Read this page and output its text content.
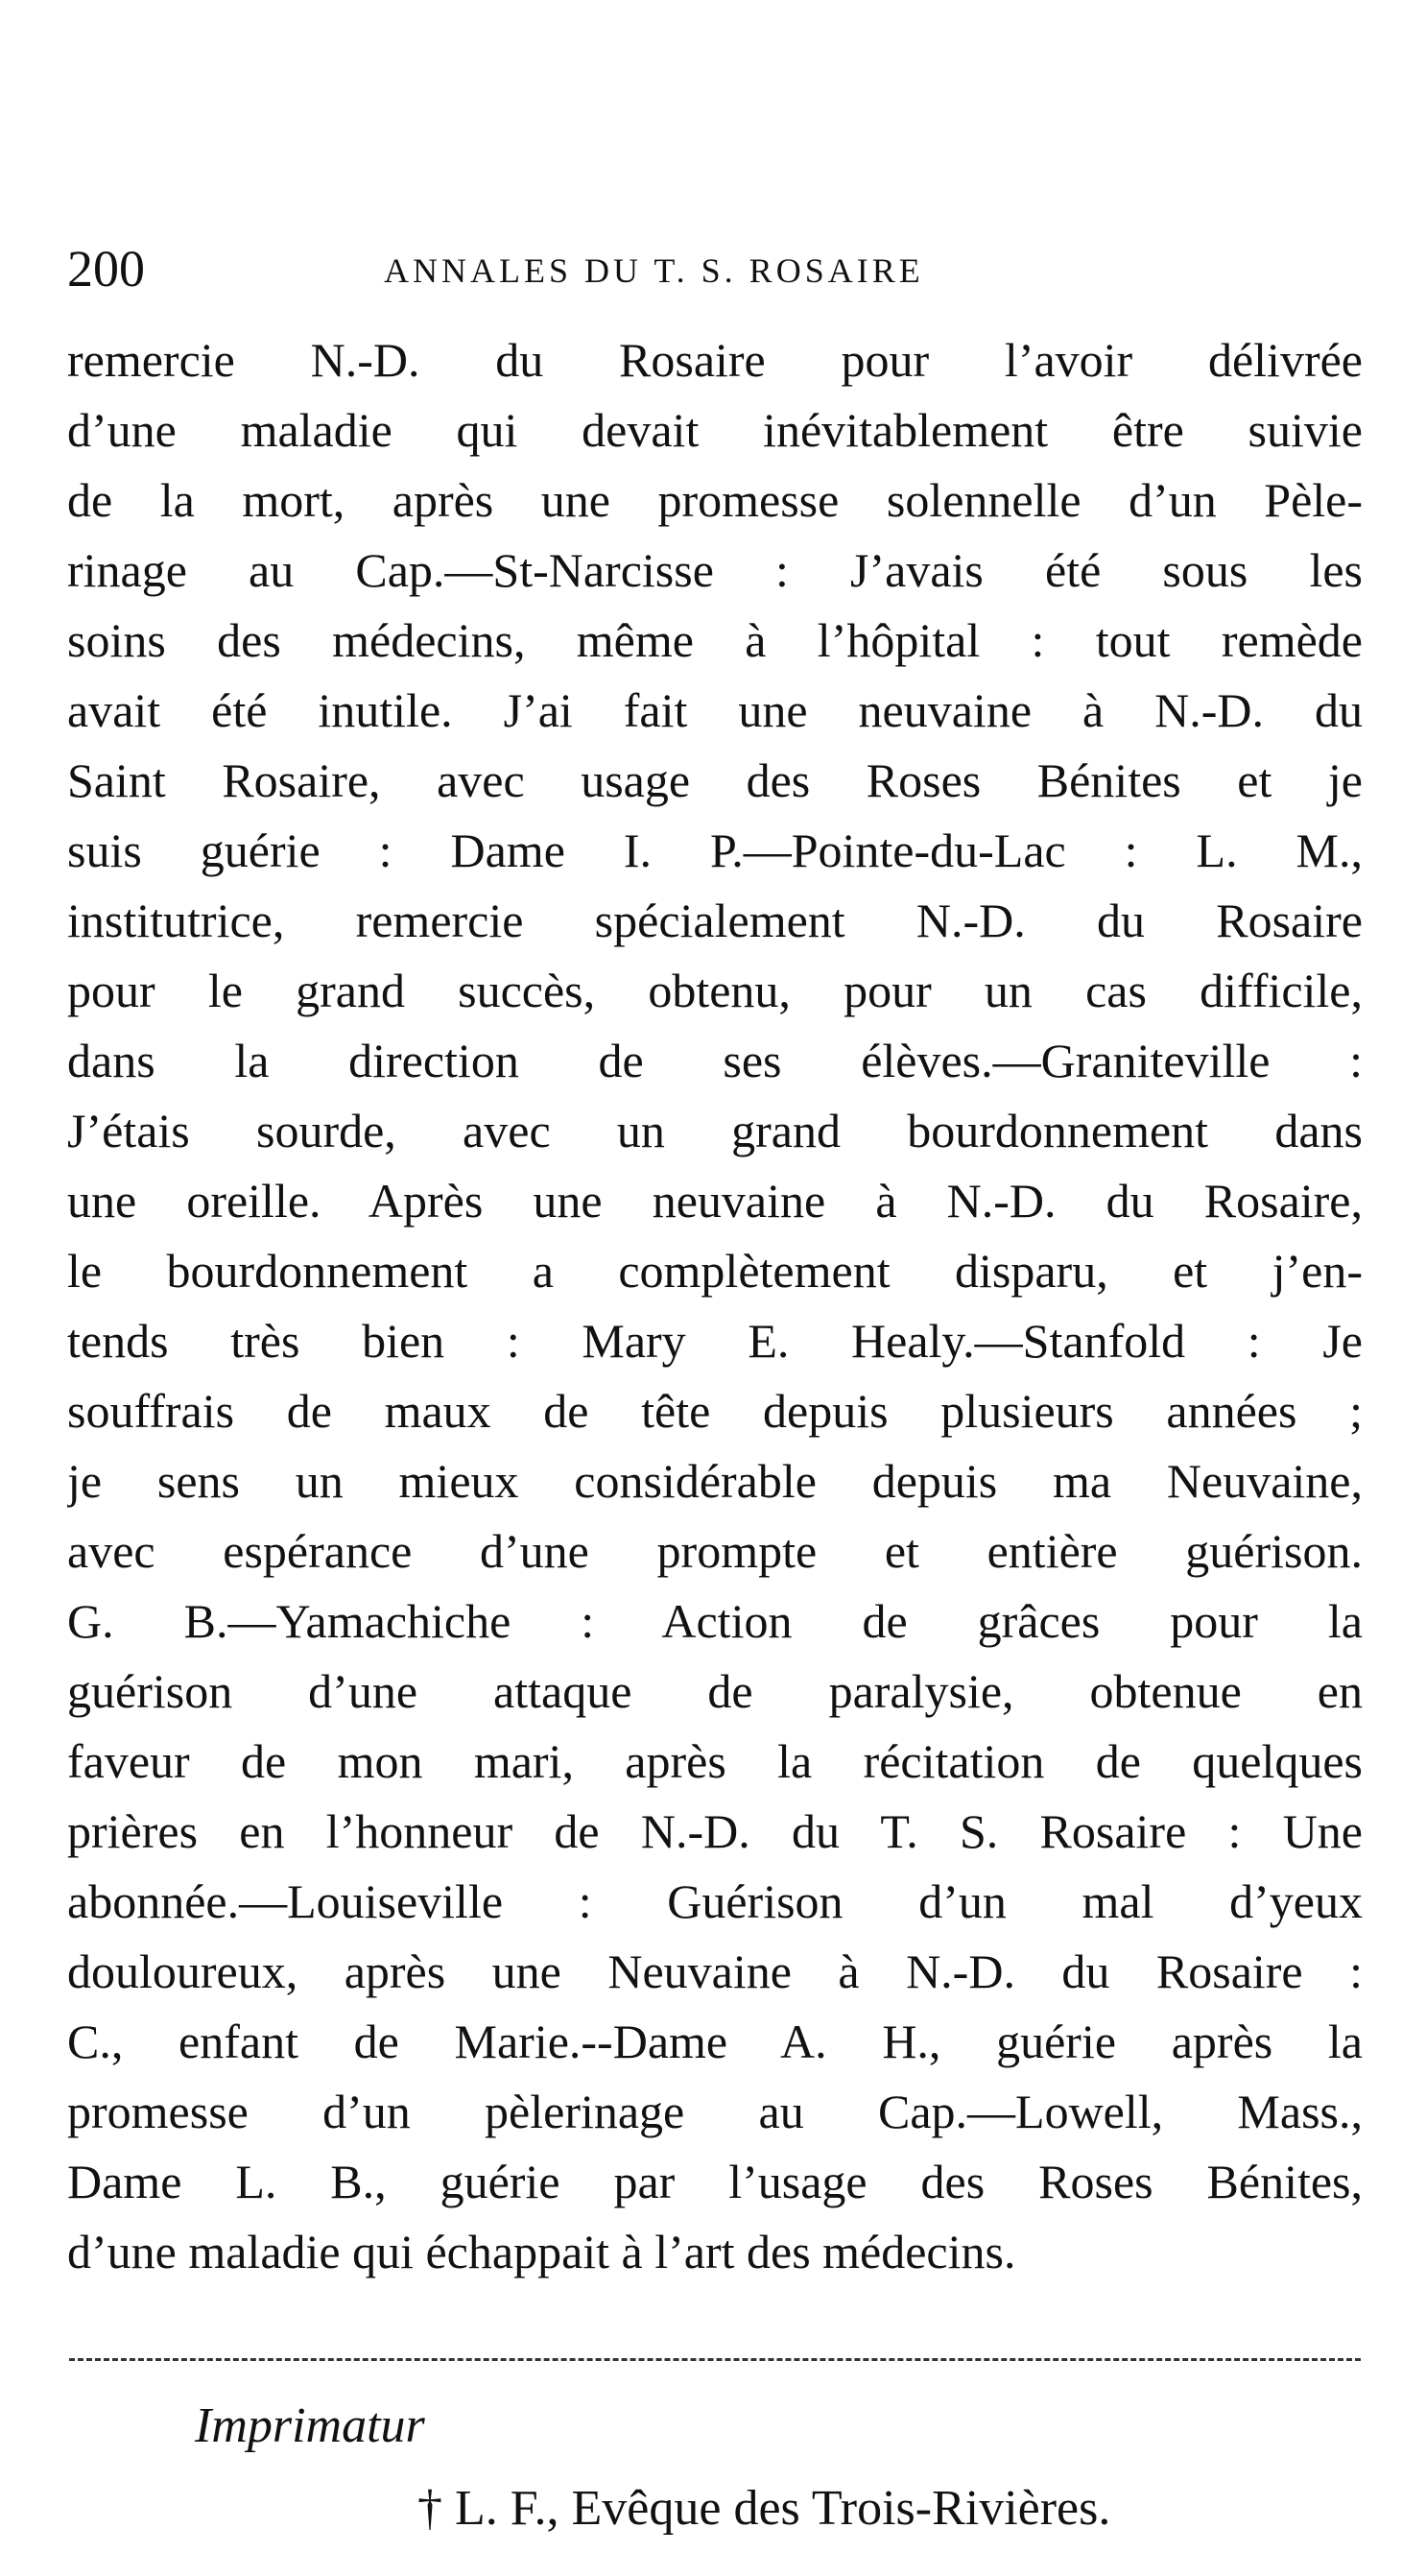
200	ANNALES DU T. S. ROSAIRE
remercie N.-D. du Rosaire pour l’avoir délivrée
d’une maladie qui devait inévitablement être suivie
de la mort, après une promesse solennelle d’un Pèle-
rinage au Cap.—St-Narcisse : J’avais été sous les
soins des médecins, même à l’hôpital : tout remède
avait été inutile. J’ai fait une neuvaine à N.-D. du
Saint Rosaire, avec usage des Roses Bénites et je
suis guérie : Dame I. P.—Pointe-du-Lac : L. M.,
institutrice, remercie spécialement N.-D. du Rosaire
pour le grand succès, obtenu, pour un cas difficile,
dans la direction de ses élèves.—Graniteville :
J’étais sourde, avec un grand bourdonnement dans
une oreille. Après une neuvaine à N.-D. du Rosaire,
le bourdonnement a complètement disparu, et j’en-
tends très bien : Mary E. Healy.—Stanfold : Je
souffrais de maux de tête depuis plusieurs années ;
je sens un mieux considérable depuis ma Neuvaine,
avec espérance d’une prompte et entière guérison.
G. B.—Yamachiche : Action de grâces pour la
guérison d’une attaque de paralysie, obtenue en
faveur de mon mari, après la récitation de quelques
prières en l’honneur de N.-D. du T. S. Rosaire : Une
abonnée.—Louiseville : Guérison d’un mal d’yeux
douloureux, après une Neuvaine à N.-D. du Rosaire :
C., enfant de Marie.--Dame A. H., guérie après la
promesse d’un pèlerinage au Cap.—Lowell, Mass.,
Dame L. B., guérie par l’usage des Roses Bénites,
d’une maladie qui échappait à l’art des médecins.
Imprimatur
† L. F., Evêque des Trois-Rivières.
